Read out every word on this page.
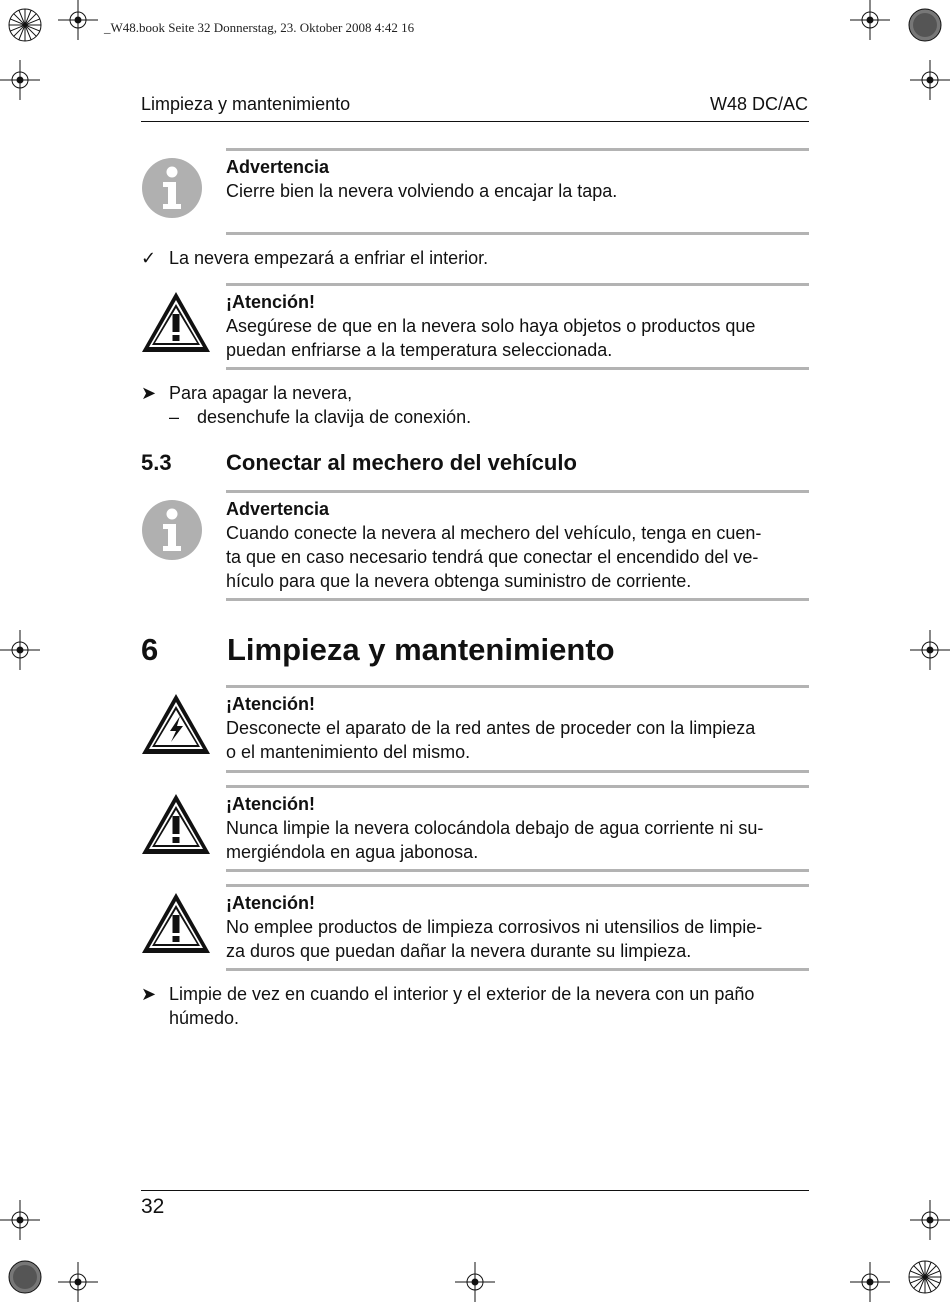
_W48.book Seite 32 Donnerstag, 23. Oktober 2008 4:42 16
Limpieza y mantenimiento	W48 DC/AC
Advertencia
Cierre bien la nevera volviendo a encajar la tapa.
✓ La nevera empezará a enfriar el interior.
¡Atención!
Asegúrese de que en la nevera solo haya objetos o productos que
puedan enfriarse a la temperatura seleccionada.
➤ Para apagar la nevera,
– desenchufe la clavija de conexión.
5.3 Conectar al mechero del vehículo
Advertencia
Cuando conecte la nevera al mechero del vehículo, tenga en cuen-
ta que en caso necesario tendrá que conectar el encendido del ve-
hículo para que la nevera obtenga suministro de corriente.
6 Limpieza y mantenimiento
¡Atención!
Desconecte el aparato de la red antes de proceder con la limpieza
o el mantenimiento del mismo.
¡Atención!
Nunca limpie la nevera colocándola debajo de agua corriente ni su-
mergiéndola en agua jabonosa.
¡Atención!
No emplee productos de limpieza corrosivos ni utensilios de limpie-
za duros que puedan dañar la nevera durante su limpieza.
➤ Limpie de vez en cuando el interior y el exterior de la nevera con un paño
húmedo.
32
